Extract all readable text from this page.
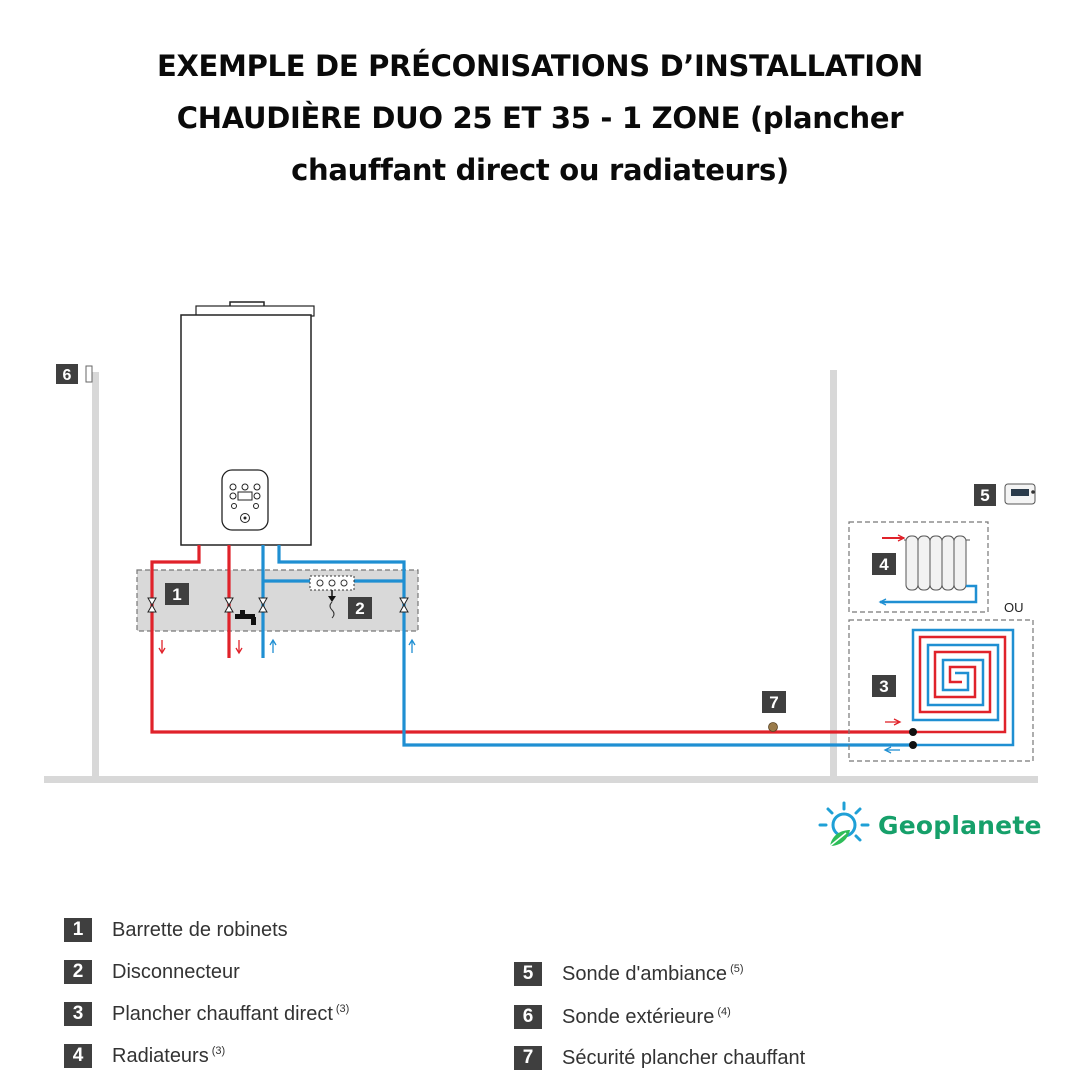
EXEMPLE DE PRÉCONISATIONS D’INSTALLATION
CHAUDIÈRE DUO 25 ET 35 - 1 ZONE (plancher
chauffant direct ou radiateurs)
6
1
2
7
5
4
OU
3
Geoplanete
1	Barrette de robinets
2	Disconnecteur
3	Plancher chauffant direct $^{(3)}$
4	Radiateurs $^{(3)}$
5	Sonde d'ambiance $^{(5)}$
6	Sonde extérieure $^{(4)}$
7	Sécurité plancher chauffant
